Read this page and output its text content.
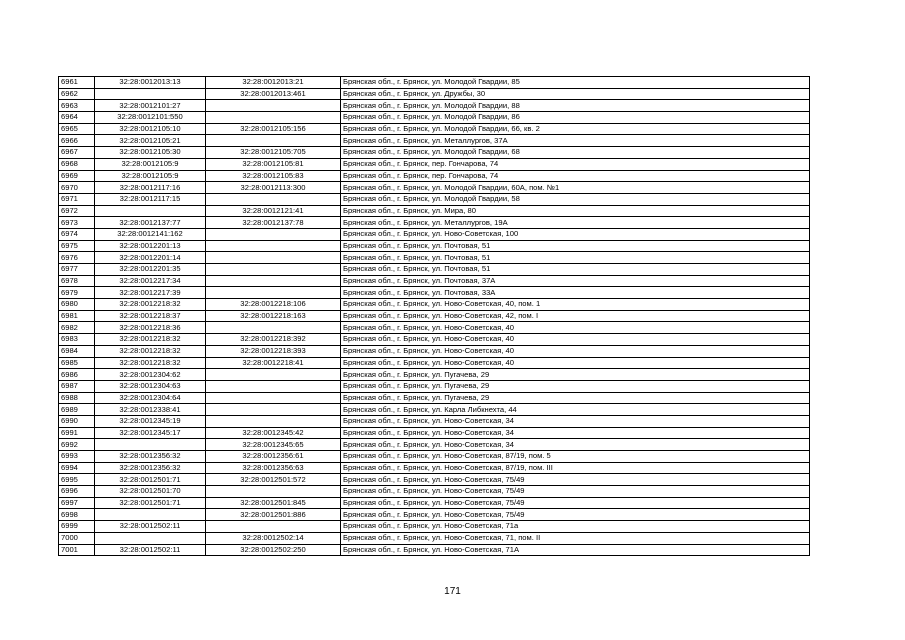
6961	32:28:0012013:13	32:28:0012013:21	Брянская обл., г. Брянск, ул. Молодой Гвардии, 85
6962		32:28:0012013:461	Брянская обл., г. Брянск, ул. Дружбы, 30
6963	32:28:0012101:27		Брянская обл., г. Брянск, ул. Молодой Гвардии, 88
6964	32:28:0012101:550		Брянская обл., г. Брянск, ул. Молодой Гвардии, 86
6965	32:28:0012105:10	32:28:0012105:156	Брянская обл., г. Брянск, ул. Молодой Гвардии, 66, кв. 2
6966	32:28:0012105:21		Брянская обл., г. Брянск, ул. Металлургов, 37А
6967	32:28:0012105:30	32:28:0012105:705	Брянская обл., г. Брянск, ул. Молодой Гвардии, 68
6968	32:28:0012105:9	32:28:0012105:81	Брянская обл., г. Брянск, пер. Гончарова, 74
6969	32:28:0012105:9	32:28:0012105:83	Брянская обл., г. Брянск, пер. Гончарова, 74
6970	32:28:0012117:16	32:28:0012113:300	Брянская обл., г. Брянск, ул. Молодой Гвардии, 60А, пом. №1
6971	32:28:0012117:15		Брянская обл., г. Брянск, ул. Молодой Гвардии, 58
6972		32:28:0012121:41	Брянская обл., г. Брянск, ул. Мира, 80
6973	32:28:0012137:77	32:28:0012137:78	Брянская обл., г. Брянск, ул. Металлургов, 19А
6974	32:28:0012141:162		Брянская обл., г. Брянск, ул. Ново-Советская, 100
6975	32:28:0012201:13		Брянская обл., г. Брянск, ул. Почтовая, 51
6976	32:28:0012201:14		Брянская обл., г. Брянск, ул. Почтовая, 51
6977	32:28:0012201:35		Брянская обл., г. Брянск, ул. Почтовая, 51
6978	32:28:0012217:34		Брянская обл., г. Брянск, ул. Почтовая, 37А
6979	32:28:0012217:39		Брянская обл., г. Брянск, ул. Почтовая, 33А
6980	32:28:0012218:32	32:28:0012218:106	Брянская обл., г. Брянск, ул. Ново-Советская, 40, пом. 1
6981	32:28:0012218:37	32:28:0012218:163	Брянская обл., г. Брянск, ул. Ново-Советская, 42, пом. I
6982	32:28:0012218:36		Брянская обл., г. Брянск, ул. Ново-Советская, 40
6983	32:28:0012218:32	32:28:0012218:392	Брянская обл., г. Брянск, ул. Ново-Советская, 40
6984	32:28:0012218:32	32:28:0012218:393	Брянская обл., г. Брянск, ул. Ново-Советская, 40
6985	32:28:0012218:32	32:28:0012218:41	Брянская обл., г. Брянск, ул. Ново-Советская, 40
6986	32:28:0012304:62		Брянская обл., г. Брянск, ул. Пугачева, 29
6987	32:28:0012304:63		Брянская обл., г. Брянск, ул. Пугачева, 29
6988	32:28:0012304:64		Брянская обл., г. Брянск, ул. Пугачева, 29
6989	32:28:0012338:41		Брянская обл., г. Брянск, ул. Карла Либкнехта, 44
6990	32:28:0012345:19		Брянская обл., г. Брянск, ул. Ново-Советская, 34
6991	32:28:0012345:17	32:28:0012345:42	Брянская обл., г. Брянск, ул. Ново-Советская, 34
6992		32:28:0012345:65	Брянская обл., г. Брянск, ул. Ново-Советская, 34
6993	32:28:0012356:32	32:28:0012356:61	Брянская обл., г. Брянск, ул. Ново-Советская, 87/19, пом. 5
6994	32:28:0012356:32	32:28:0012356:63	Брянская обл., г. Брянск, ул. Ново-Советская, 87/19, пом. III
6995	32:28:0012501:71	32:28:0012501:572	Брянская обл., г. Брянск, ул. Ново-Советская, 75/49
6996	32:28:0012501:70		Брянская обл., г. Брянск, ул. Ново-Советская, 75/49
6997	32:28:0012501:71	32:28:0012501:845	Брянская обл., г. Брянск, ул. Ново-Советская, 75/49
6998		32:28:0012501:886	Брянская обл., г. Брянск, ул. Ново-Советская, 75/49
6999	32:28:0012502:11		Брянская обл., г. Брянск, ул. Ново-Советская, 71а
7000		32:28:0012502:14	Брянская обл., г. Брянск, ул. Ново-Советская, 71, пом. II
7001	32:28:0012502:11	32:28:0012502:250	Брянская обл., г. Брянск, ул. Ново-Советская, 71А
171
